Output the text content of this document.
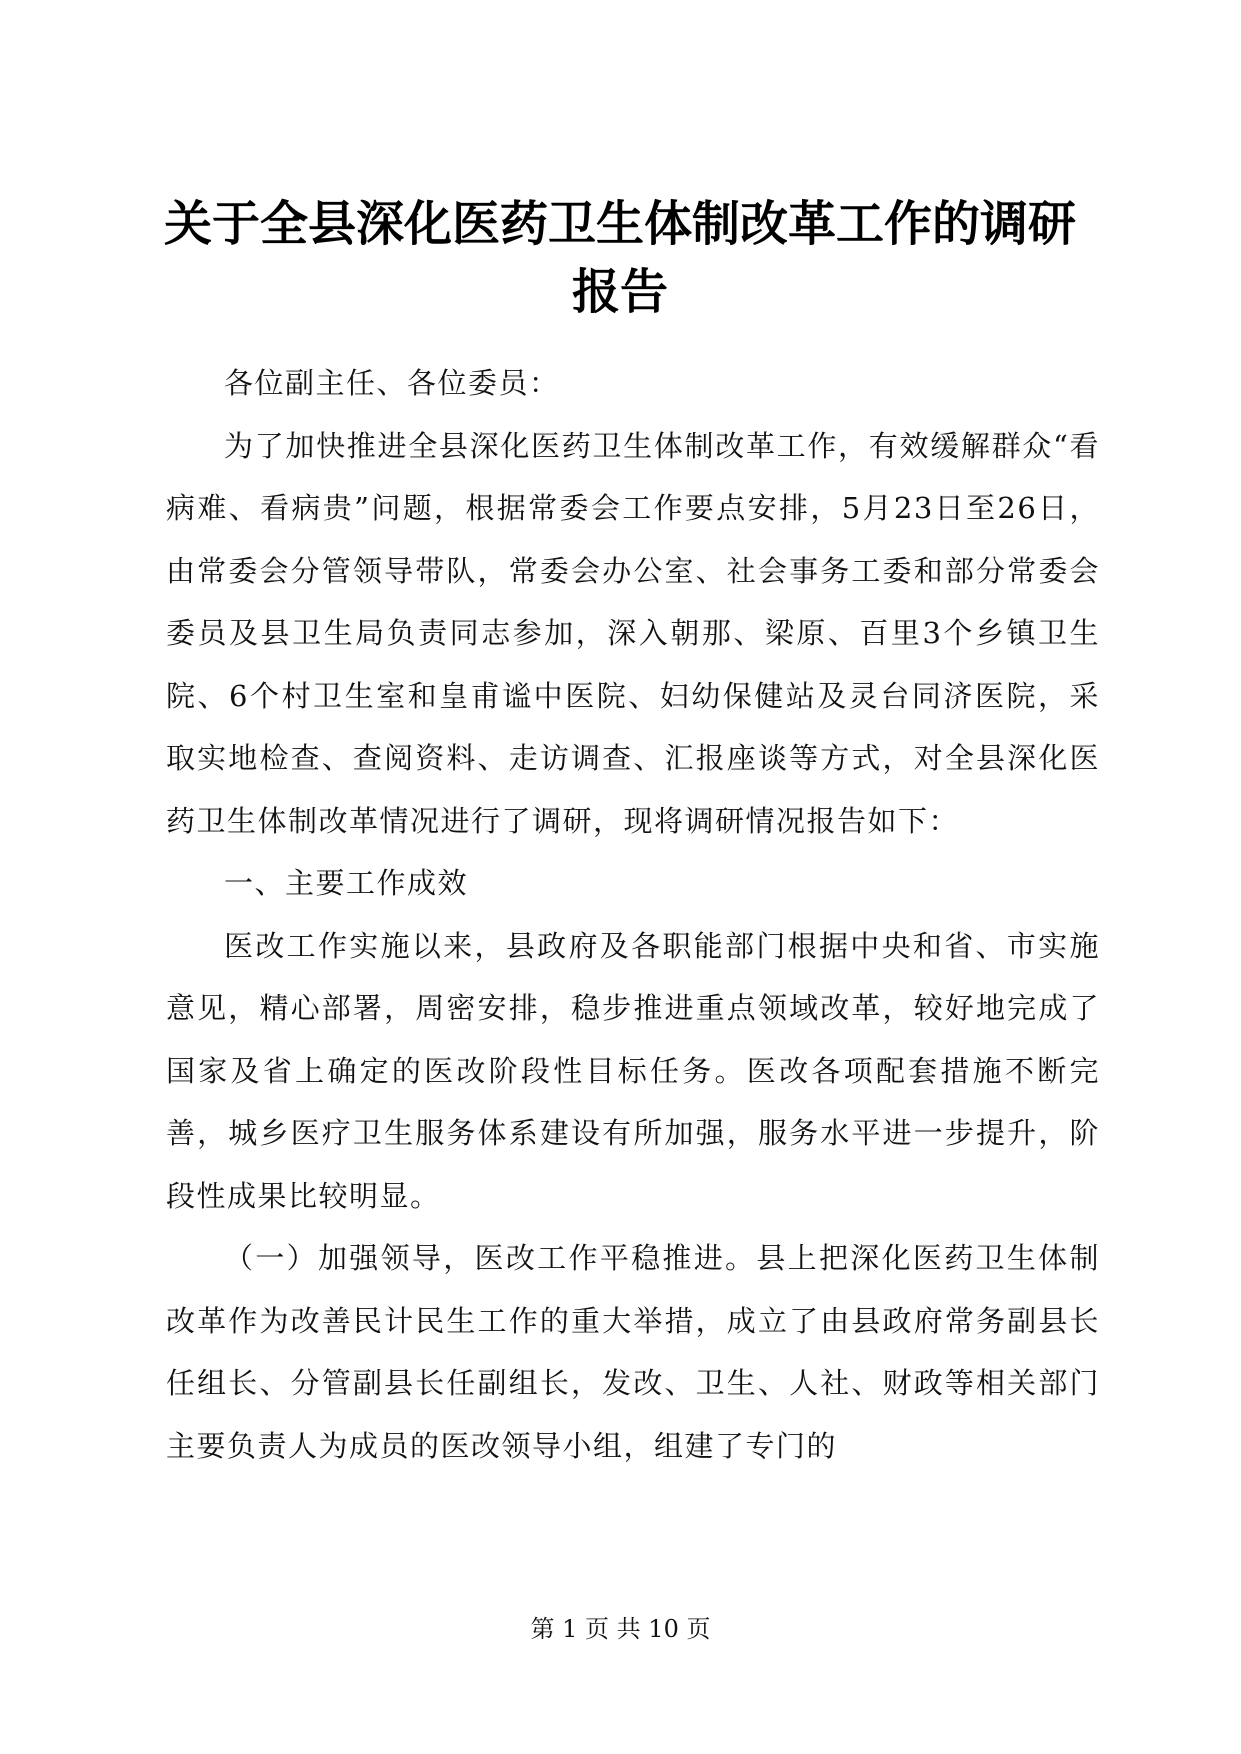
关于全县深化医药卫生体制改革工作的调研报告

各位副主任、各位委员：

为了加快推进全县深化医药卫生体制改革工作，有效缓解群众“看病难、看病贵”问题，根据常委会工作要点安排，5月23日至26日，由常委会分管领导带队，常委会办公室、社会事务工委和部分常委会委员及县卫生局负责同志参加，深入朝那、梁原、百里3个乡镇卫生院、6个村卫生室和皇甫谧中医院、妇幼保健站及灵台同济医院，采取实地检查、查阅资料、走访调查、汇报座谈等方式，对全县深化医药卫生体制改革情况进行了调研，现将调研情况报告如下：

一、主要工作成效

医改工作实施以来，县政府及各职能部门根据中央和省、市实施意见，精心部署，周密安排，稳步推进重点领域改革，较好地完成了国家及省上确定的医改阶段性目标任务。医改各项配套措施不断完善，城乡医疗卫生服务体系建设有所加强，服务水平进一步提升，阶段性成果比较明显。

（一）加强领导，医改工作平稳推进。县上把深化医药卫生体制改革作为改善民计民生工作的重大举措，成立了由县政府常务副县长任组长、分管副县长任副组长，发改、卫生、人社、财政等相关部门主要负责人为成员的医改领导小组，组建了专门的

第 1 页 共 10 页
